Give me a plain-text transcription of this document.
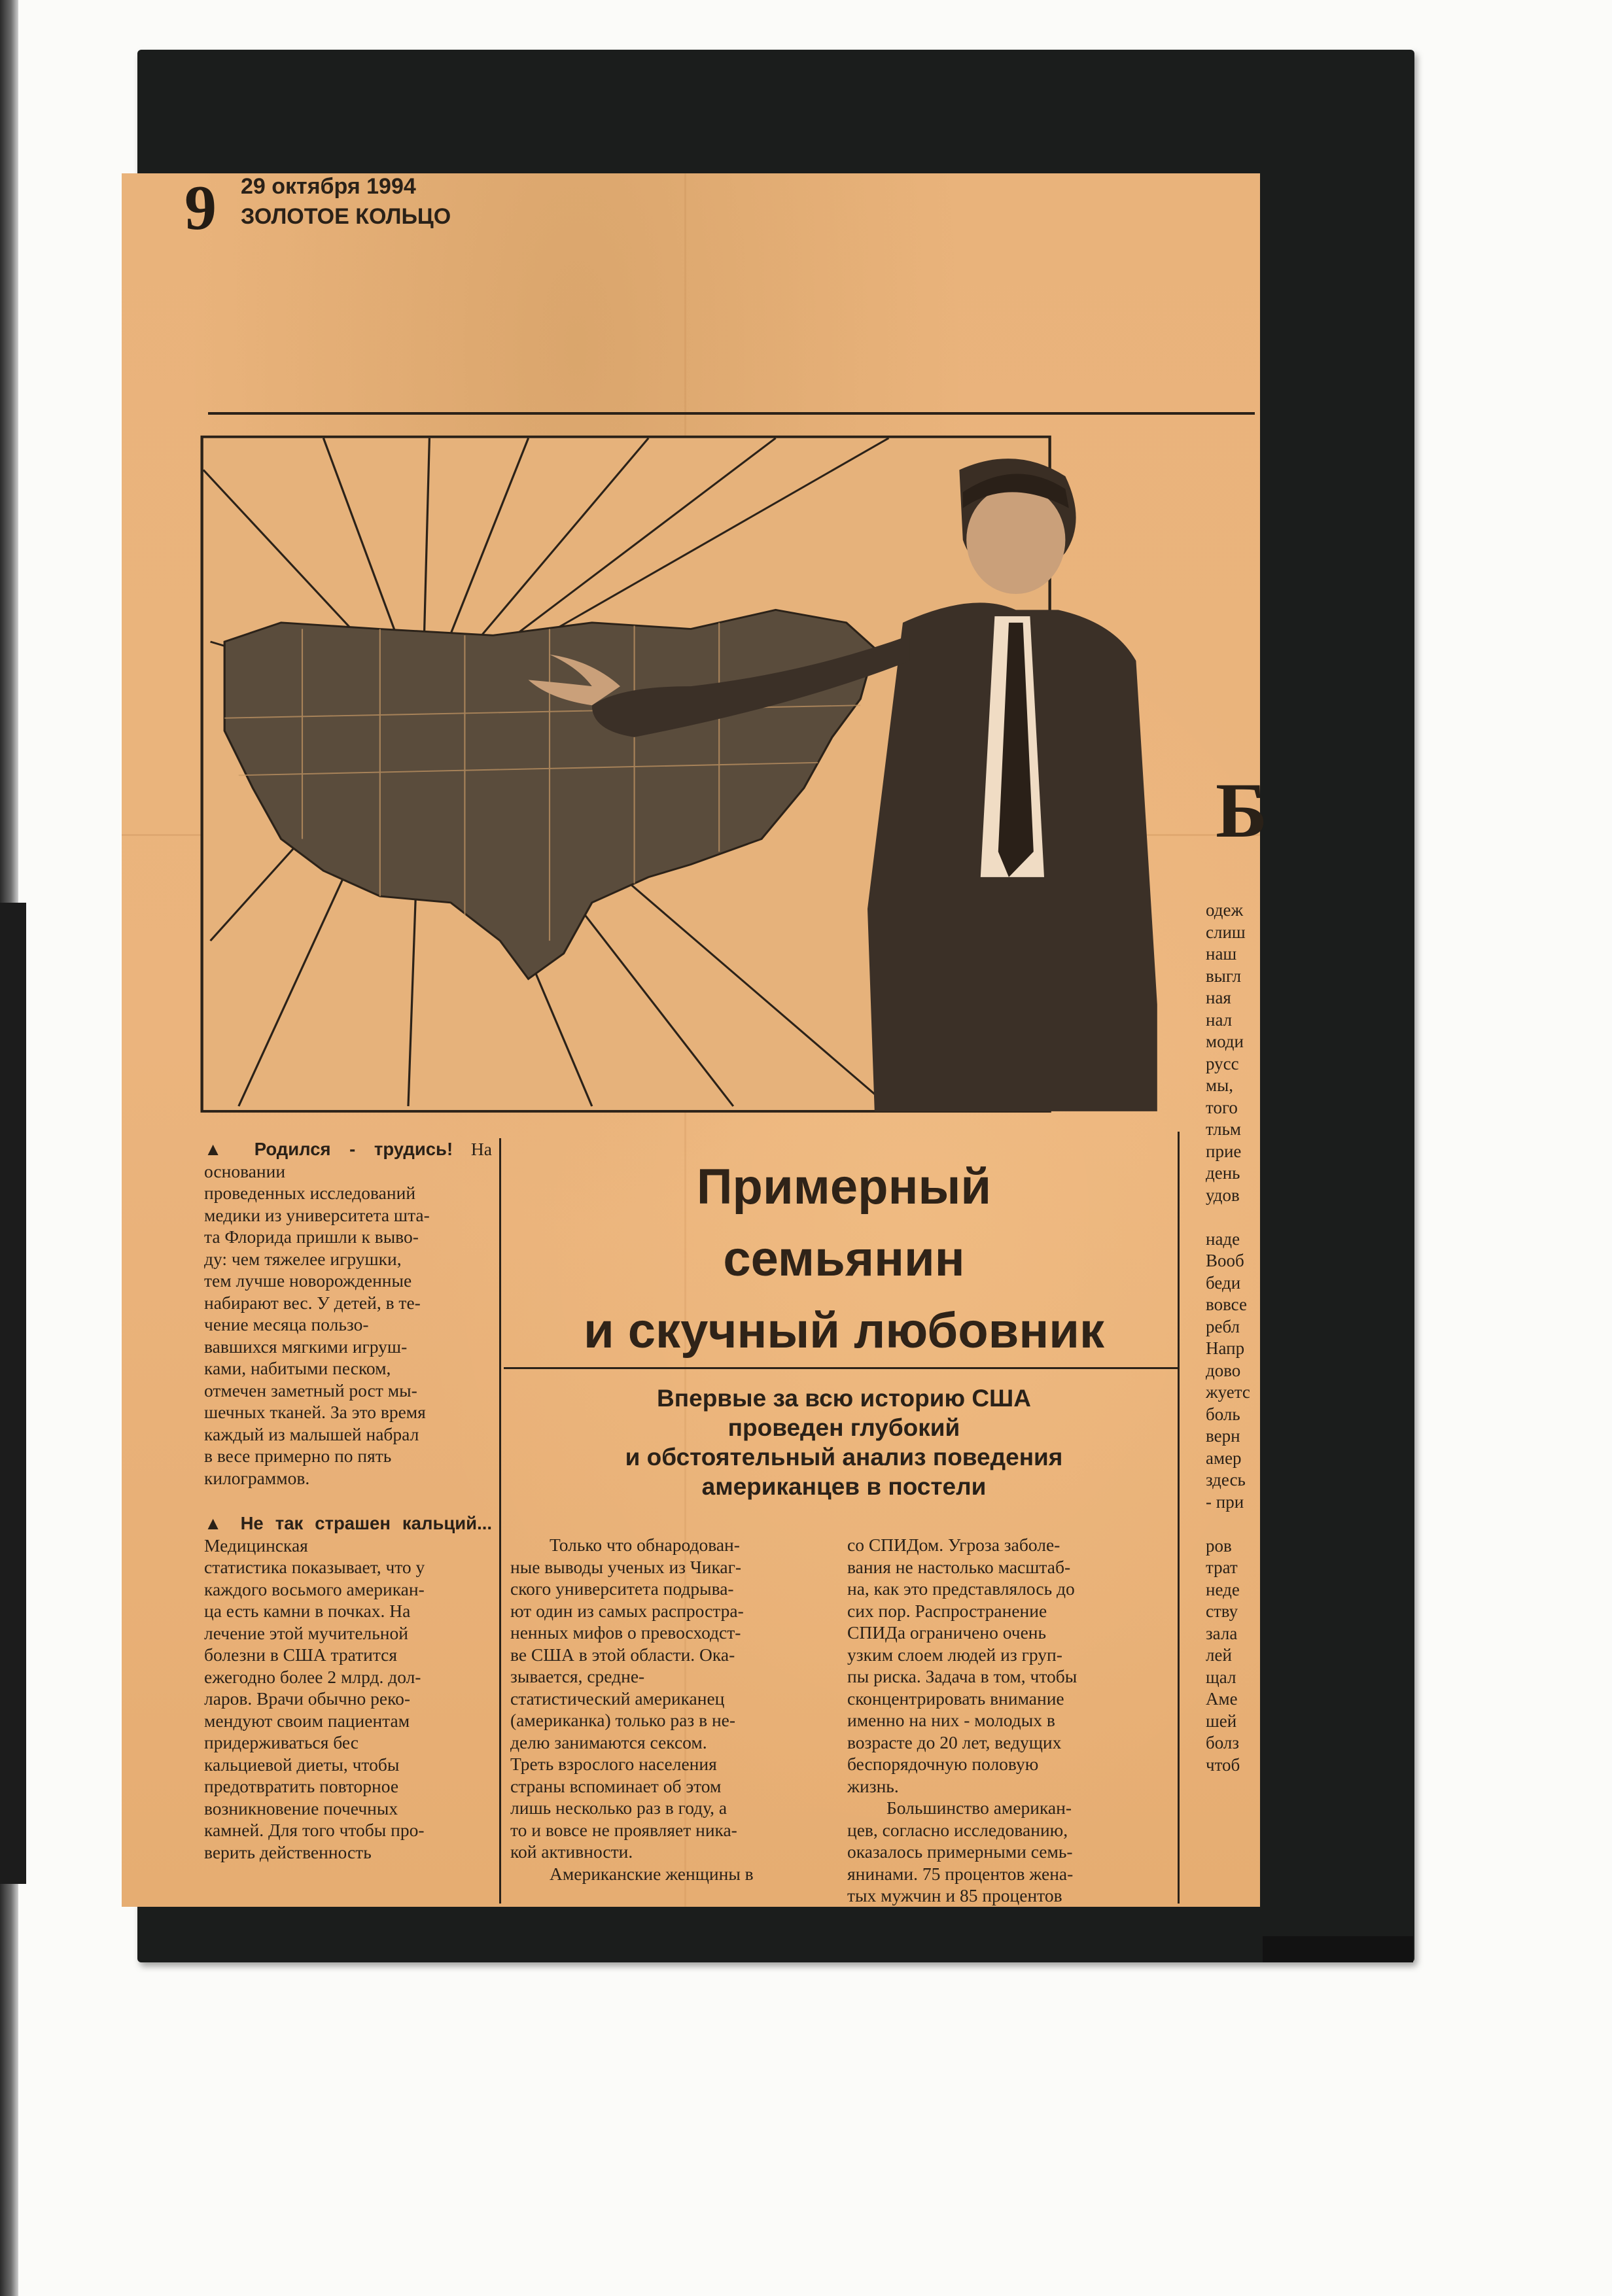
9 29 октября 1994
ЗОЛОТОЕ КОЛЬЦО

▲ Родился - трудись! На основании

проведенных исследований

медики из университета шта-

та Флорида пришли к выво-

ду: чем тяжелее игрушки,

тем лучше новорожденные

набирают вес. У детей, в те-

чение месяца пользо-

вавшихся мягкими игруш-

ками, набитыми песком,

отмечен заметный рост мы-

шечных тканей. За это время

каждый из малышей набрал

в весе примерно по пять

килограммов.

▲ Не так страшен кальций... Медицинская

статистика показывает, что у

каждого восьмого американ-

ца есть камни в почках. На

лечение этой мучительной

болезни в США тратится

ежегодно более 2 млрд. дол-

ларов. Врачи обычно реко-

мендуют своим пациентам

придерживаться бес

кальциевой диеты, чтобы

предотвратить повторное

возникновение почечных

камней. Для того чтобы про-

верить действенность

Примерный
семьянин
и скучный любовник
Впервые за всю историю США
проведен глубокий
и обстоятельный анализ поведения
американцев в постели

Только что обнародован-

ные выводы ученых из Чикаг-

ского университета подрыва-

ют один из самых распростра-

ненных мифов о превосходст-

ве США в этой области. Ока-

зывается, средне-

статистический американец

(американка) только раз в не-

делю занимаются сексом.

Треть взрослого населения

страны вспоминает об этом

лишь несколько раз в году, а

то и вовсе не проявляет ника-

кой активности.

Американские женщины в

со СПИДом. Угроза заболе-

вания не настолько масштаб-

на, как это представлялось до

сих пор. Распространение

СПИДа ограничено очень

узким слоем людей из груп-

пы риска. Задача в том, чтобы

сконцентрировать внимание

именно на них - молодых в

возрасте до 20 лет, ведущих

беспорядочную половую

жизнь.

Большинство американ-

цев, согласно исследованию,

оказалось примерными семь-

янинами. 75 процентов жена-

тых мужчин и 85 процентов

Б
одеж
слиш
наш
выгл
ная
нал
моди
русс
мы,
того
тльм
прие
день
удов
наде
Вооб
беди
вовсе
ребл
Напр
дово
жуетс
боль
верн
амер
здесь
- при
ров
трат
неде
ству
зала
лей
щал
Аме
шей
болз
чтоб
